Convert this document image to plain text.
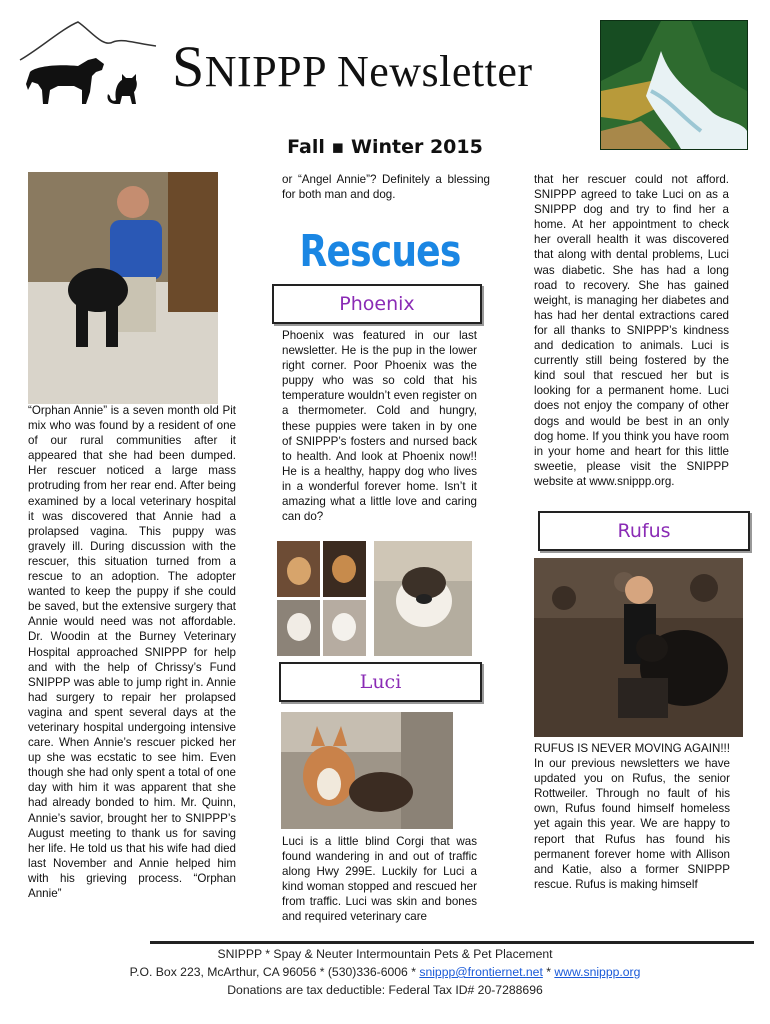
SNIPPP Newsletter
Fall ▪ Winter 2015
“Orphan Annie” is a seven month old Pit mix who was found by a resident of one of our rural communities after it appeared that she had been dumped. Her rescuer noticed a large mass protruding from her rear end. After being examined by a local veterinary hospital it was discovered that Annie had a prolapsed vagina. This puppy was gravely ill. During discussion with the rescuer, this situation turned from a rescue to an adoption. The adopter wanted to keep the puppy if she could be saved, but the extensive surgery that Annie would need was not affordable. Dr. Woodin at the Burney Veterinary Hospital approached SNIPPP for help and with the help of Chrissy’s Fund SNIPPP was able to jump right in. Annie had surgery to repair her prolapsed vagina and spent several days at the veterinary hospital undergoing intensive care. When Annie’s rescuer picked her up she was ecstatic to see him. Even though she had only spent a total of one day with him it was apparent that she had already bonded to him. Mr. Quinn, Annie’s savior, brought her to SNIPPP’s August meeting to thank us for saving her life. He told us that his wife had died last November and Annie helped him with his grieving process. “Orphan Annie”
or “Angel Annie”? Definitely a blessing for both man and dog.
Rescues
Phoenix
Phoenix was featured in our last newsletter. He is the pup in the lower right corner. Poor Phoenix was the puppy who was so cold that his temperature wouldn’t even register on a thermometer. Cold and hungry, these puppies were taken in by one of SNIPPP’s fosters and nursed back to health. And look at Phoenix now!! He is a healthy, happy dog who lives in a wonderful forever home. Isn’t it amazing what a little love and caring can do?
Luci
Luci is a little blind Corgi that was found wandering in and out of traffic along Hwy 299E. Luckily for Luci a kind woman stopped and rescued her from traffic. Luci was skin and bones and required veterinary care
that her rescuer could not afford. SNIPPP agreed to take Luci on as a SNIPPP dog and try to find her a home. At her appointment to check her overall health it was discovered that along with dental problems, Luci was diabetic. She has had a long road to recovery. She has gained weight, is managing her diabetes and has had her dental extractions cared for all thanks to SNIPPP’s kindness and dedication to animals. Luci is currently still being fostered by the kind soul that rescued her but is looking for a permanent home. Luci does not enjoy the company of other dogs and would be best in an only dog home. If you think you have room in your home and heart for this little sweetie, please visit the SNIPPP website at www.snippp.org.
Rufus
RUFUS IS NEVER MOVING AGAIN!!! In our previous newsletters we have updated you on Rufus, the senior Rottweiler. Through no fault of his own, Rufus found himself homeless yet again this year. We are happy to report that Rufus has found his permanent forever home with Allison and Katie, also a former SNIPPP rescue. Rufus is making himself
SNIPPP * Spay & Neuter Intermountain Pets & Pet Placement
P.O. Box 223, McArthur, CA 96056 * (530)336-6006 * snippp@frontiernet.net * www.snippp.org
Donations are tax deductible: Federal Tax ID# 20-7288696
